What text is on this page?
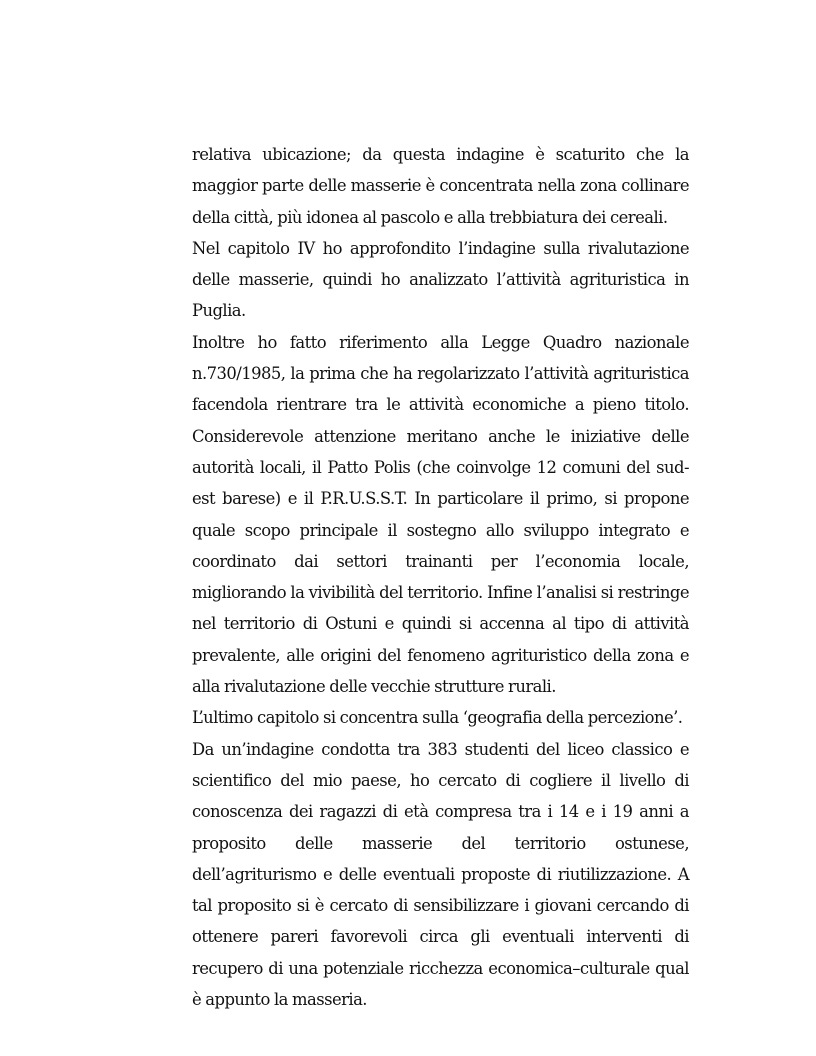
relativa ubicazione; da questa indagine è scaturito che la maggior parte delle masserie è concentrata nella zona collinare della città, più idonea al pascolo e alla trebbiatura dei cereali.

Nel capitolo IV ho approfondito l’indagine sulla rivalutazione delle masserie, quindi ho analizzato l’attività agrituristica in Puglia.

Inoltre ho fatto riferimento alla Legge Quadro nazionale n.730/1985, la prima che ha regolarizzato l’attività agrituristica facendola rientrare tra le attività economiche a pieno titolo. Considerevole attenzione meritano anche le iniziative delle autorità locali, il Patto Polis (che coinvolge 12 comuni del sud-est barese) e il P.R.U.S.S.T. In particolare il primo, si propone quale scopo principale il sostegno allo sviluppo integrato e coordinato dai settori trainanti per l’economia locale, migliorando la vivibilità del territorio. Infine l’analisi si restringe nel territorio di Ostuni e quindi si accenna al tipo di attività prevalente, alle origini del fenomeno agrituristico della zona e alla rivalutazione delle vecchie strutture rurali.

L’ultimo capitolo si concentra sulla ‘geografia della percezione’.

Da un’indagine condotta tra 383 studenti del liceo classico e scientifico del mio paese, ho cercato di cogliere il livello di conoscenza dei ragazzi di età compresa tra i 14 e i 19 anni a proposito delle masserie del territorio ostunese, dell’agriturismo e delle eventuali proposte di riutilizzazione. A tal proposito si è cercato di sensibilizzare i giovani cercando di ottenere pareri favorevoli circa gli eventuali interventi di recupero di una potenziale ricchezza economica–culturale qual è appunto la masseria.
